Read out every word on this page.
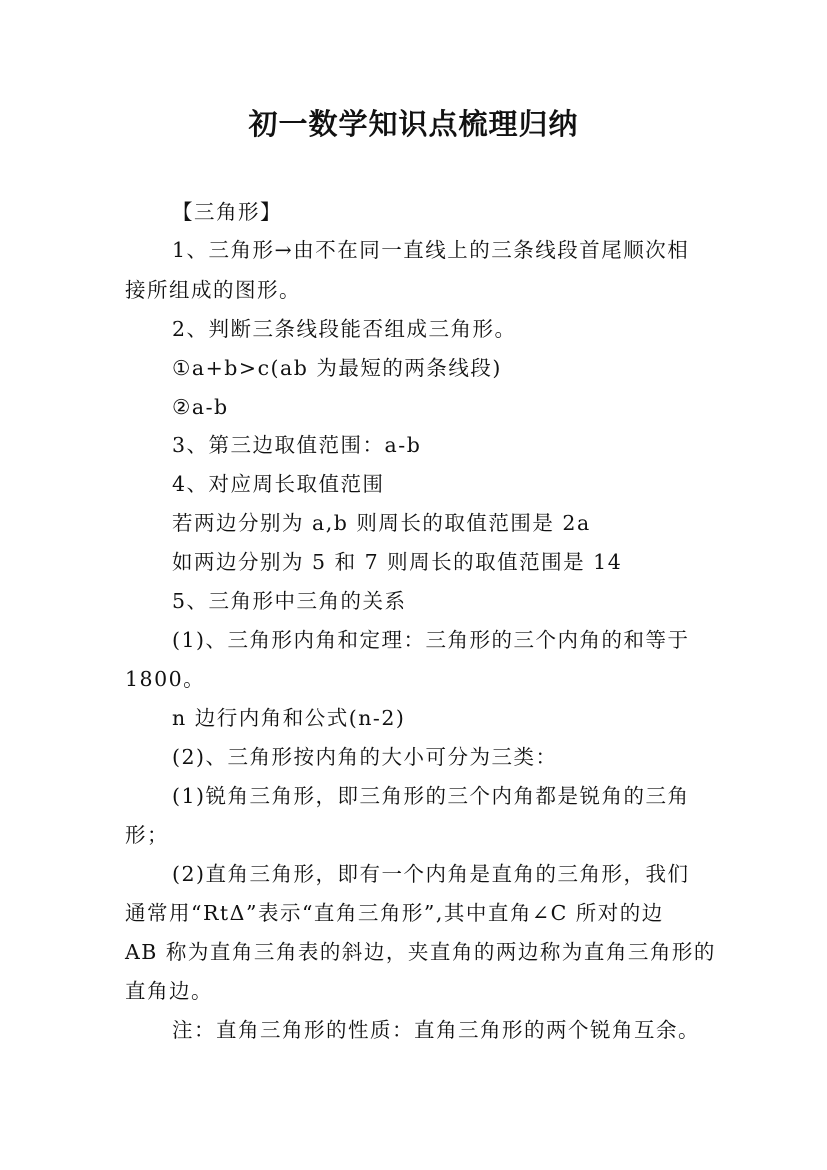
初一数学知识点梳理归纳
【三角形】
1、三角形→由不在同一直线上的三条线段首尾顺次相
接所组成的图形。
2、判断三条线段能否组成三角形。
①a+b>c(ab 为最短的两条线段)
②a-b
3、第三边取值范围：a-b
4、对应周长取值范围
若两边分别为 a,b 则周长的取值范围是 2a
如两边分别为 5 和 7 则周长的取值范围是 14
5、三角形中三角的关系
(1)、三角形内角和定理：三角形的三个内角的和等于
1800。
n 边行内角和公式(n-2)
(2)、三角形按内角的大小可分为三类：
(1)锐角三角形，即三角形的三个内角都是锐角的三角
形；
(2)直角三角形，即有一个内角是直角的三角形，我们
通常用“RtΔ”表示“直角三角形”,其中直角∠C 所对的边
AB 称为直角三角表的斜边，夹直角的两边称为直角三角形的
直角边。
注：直角三角形的性质：直角三角形的两个锐角互余。
